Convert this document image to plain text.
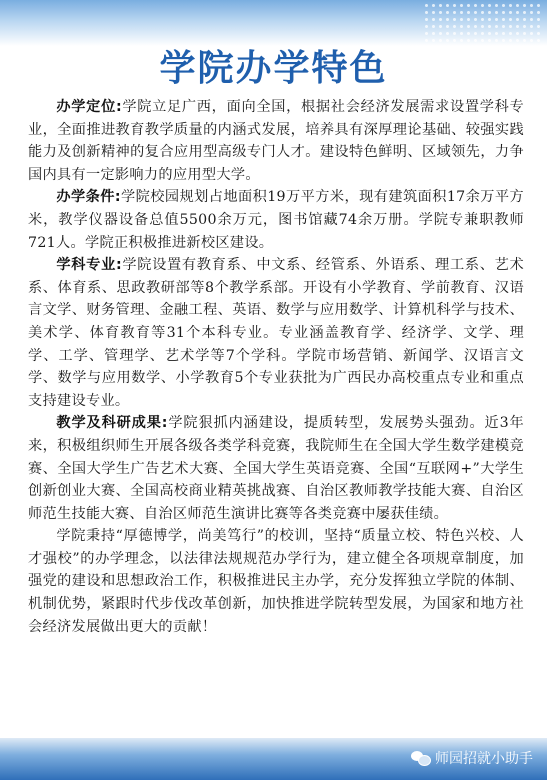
学院办学特色

办学定位:学院立足广西，面向全国，根据社会经济发展需求设置学科专业，全面推进教育教学质量的内涵式发展，培养具有深厚理论基础、较强实践能力及创新精神的复合应用型高级专门人才。建设特色鲜明、区域领先，力争国内具有一定影响力的应用型大学。

办学条件:学院校园规划占地面积19万平方米，现有建筑面积17余万平方米，教学仪器设备总值5500余万元，图书馆藏74余万册。学院专兼职教师721人。学院正积极推进新校区建设。

学科专业:学院设置有教育系、中文系、经管系、外语系、理工系、艺术系、体育系、思政教研部等8个教学系部。开设有小学教育、学前教育、汉语言文学、财务管理、金融工程、英语、数学与应用数学、计算机科学与技术、美术学、体育教育等31个本科专业。专业涵盖教育学、经济学、文学、理学、工学、管理学、艺术学等7个学科。学院市场营销、新闻学、汉语言文学、数学与应用数学、小学教育5个专业获批为广西民办高校重点专业和重点支持建设专业。

教学及科研成果:学院狠抓内涵建设，提质转型，发展势头强劲。近3年来，积极组织师生开展各级各类学科竞赛，我院师生在全国大学生数学建模竞赛、全国大学生广告艺术大赛、全国大学生英语竞赛、全国“互联网+”大学生创新创业大赛、全国高校商业精英挑战赛、自治区教师教学技能大赛、自治区师范生技能大赛、自治区师范生演讲比赛等各类竞赛中屡获佳绩。

学院秉持“厚德博学，尚美笃行”的校训，坚持“质量立校、特色兴校、人才强校”的办学理念，以法律法规规范办学行为，建立健全各项规章制度，加强党的建设和思想政治工作，积极推进民主办学，充分发挥独立学院的体制、机制优势，紧跟时代步伐改革创新，加快推进学院转型发展，为国家和地方社会经济发展做出更大的贡献！

师园招就小助手
